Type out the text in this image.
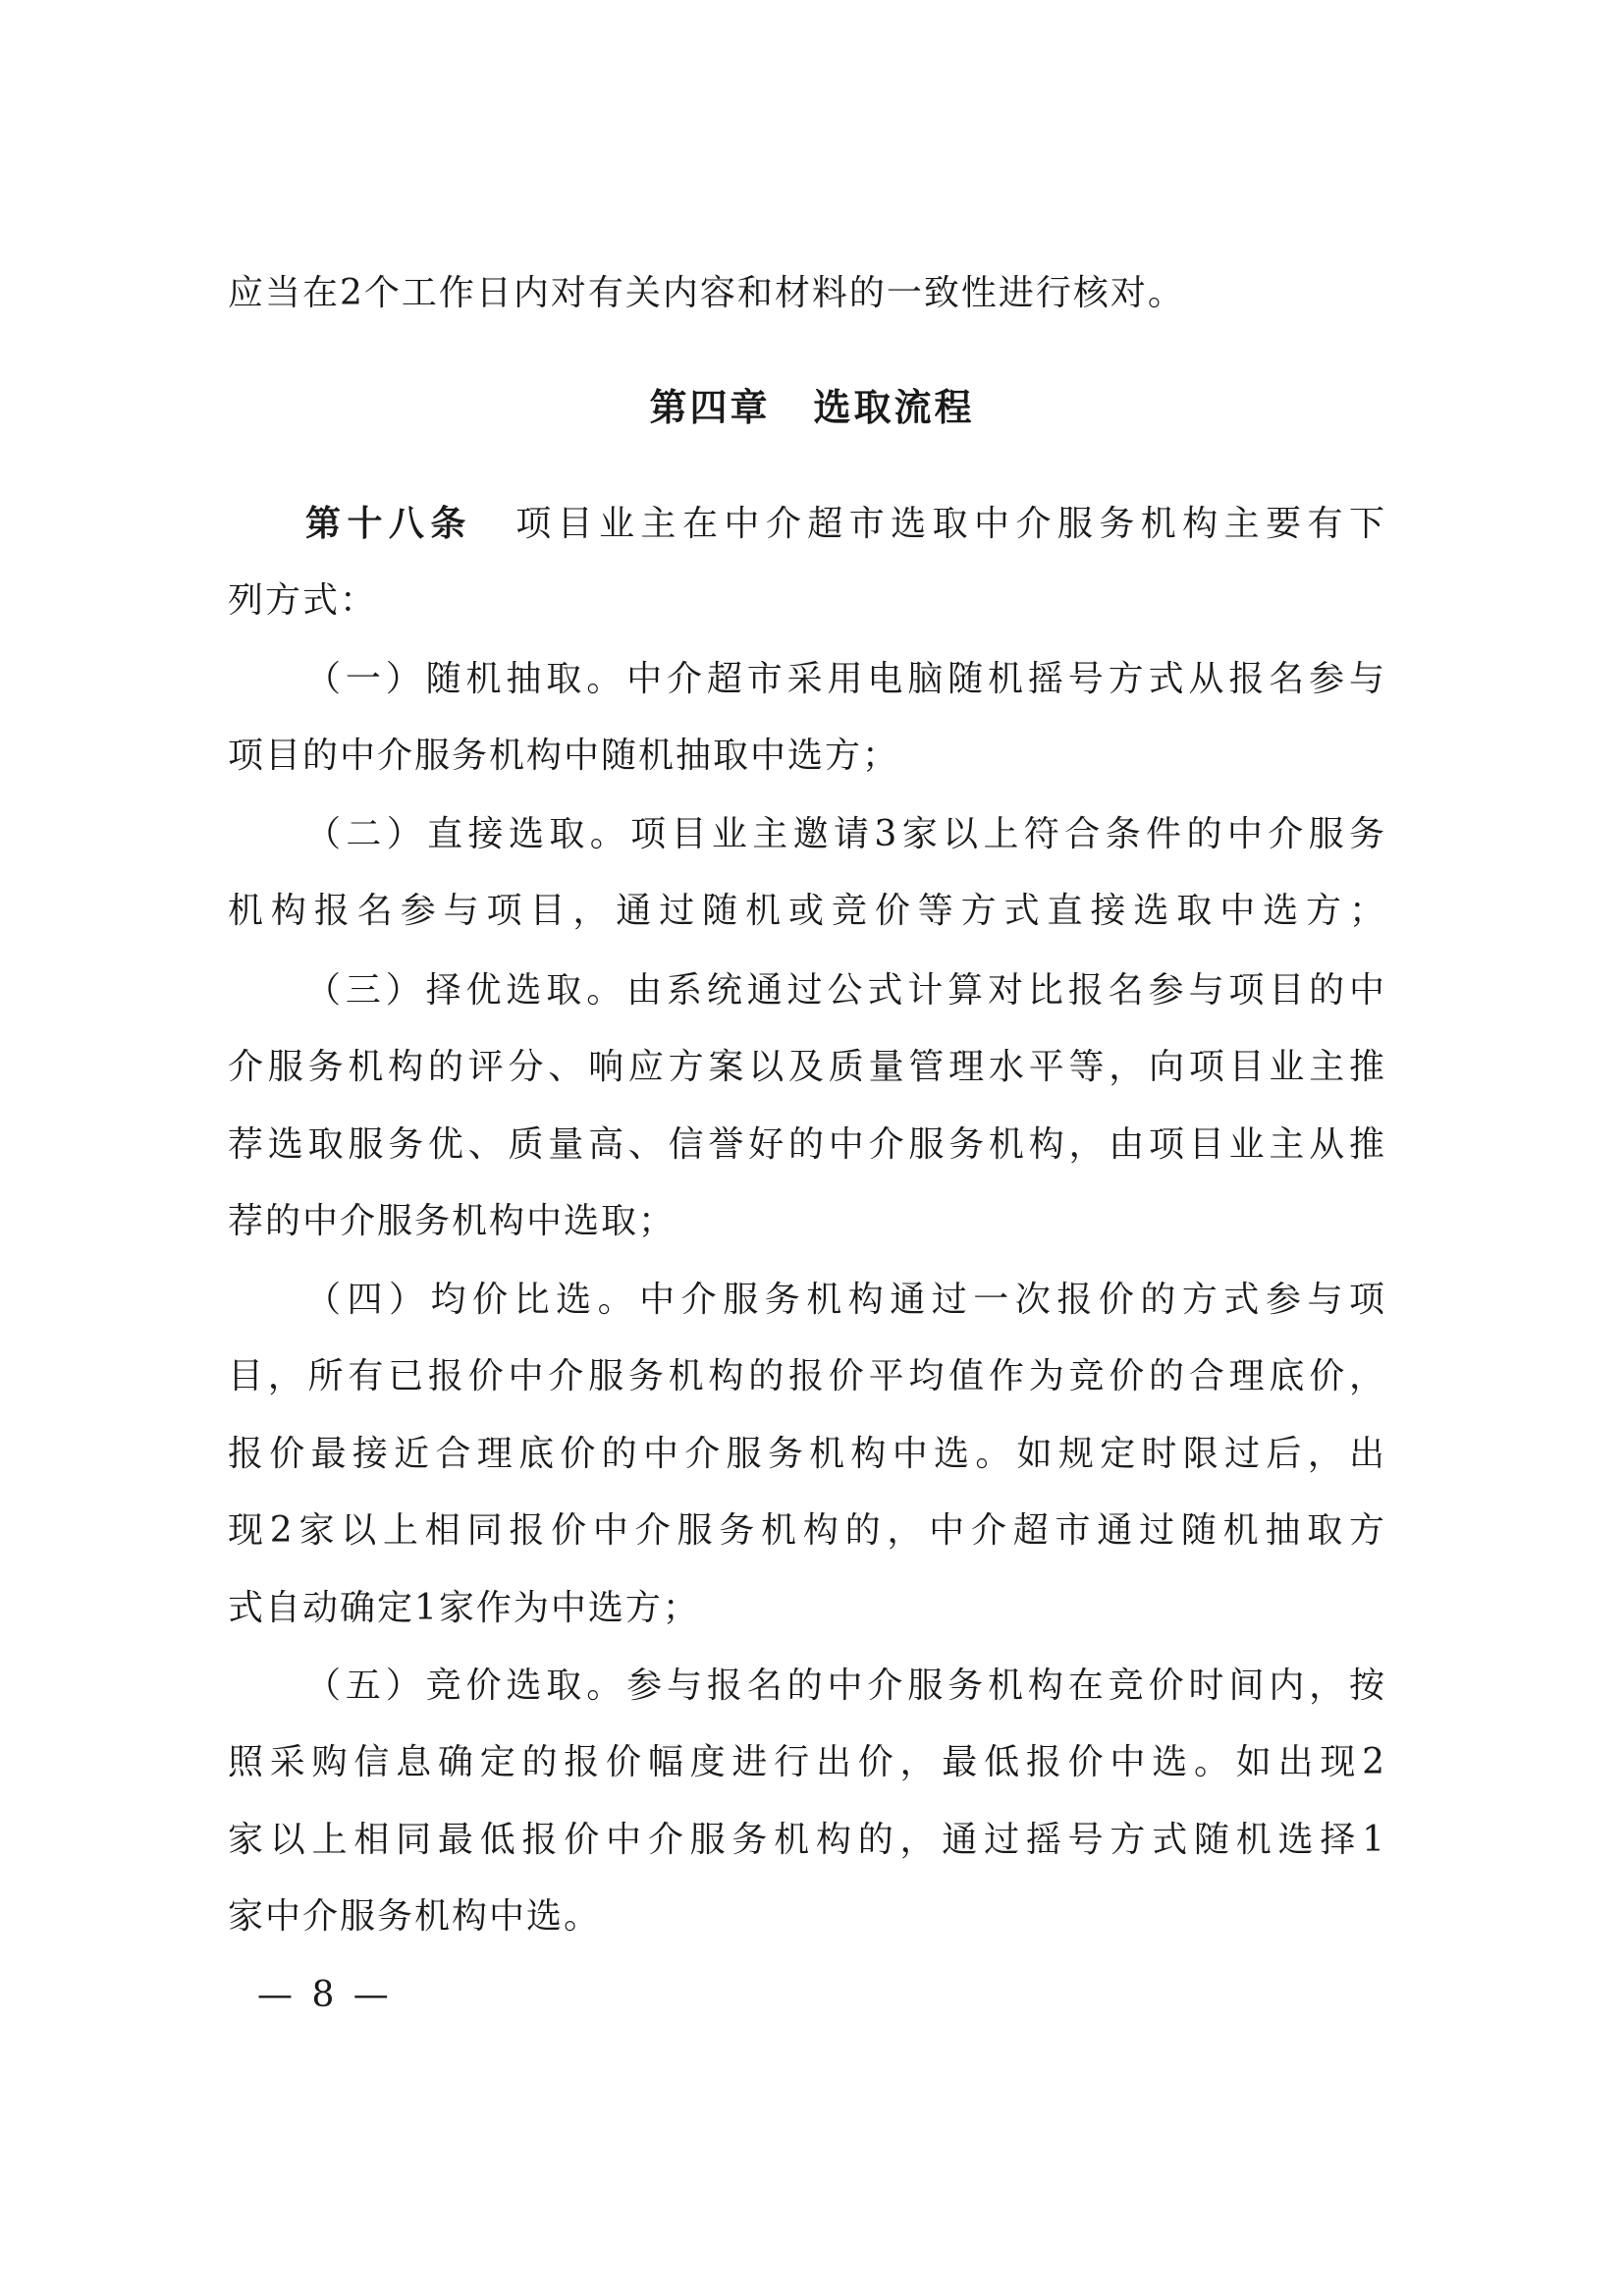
应当在2个工作日内对有关内容和材料的一致性进行核对。
第四章 选取流程
第十八条 项目业主在中介超市选取中介服务机构主要有下
列方式：
（一）随机抽取。中介超市采用电脑随机摇号方式从报名参与
项目的中介服务机构中随机抽取中选方；
（二）直接选取。项目业主邀请3家以上符合条件的中介服务
机构报名参与项目，通过随机或竞价等方式直接选取中选方；
（三）择优选取。由系统通过公式计算对比报名参与项目的中
介服务机构的评分、响应方案以及质量管理水平等，向项目业主推
荐选取服务优、质量高、信誉好的中介服务机构，由项目业主从推
荐的中介服务机构中选取；
（四）均价比选。中介服务机构通过一次报价的方式参与项
目，所有已报价中介服务机构的报价平均值作为竞价的合理底价，
报价最接近合理底价的中介服务机构中选。如规定时限过后，出
现2家以上相同报价中介服务机构的，中介超市通过随机抽取方
式自动确定1家作为中选方；
（五）竞价选取。参与报名的中介服务机构在竞价时间内，按
照采购信息确定的报价幅度进行出价，最低报价中选。如出现2
家以上相同最低报价中介服务机构的，通过摇号方式随机选择1
家中介服务机构中选。
— 8 —
